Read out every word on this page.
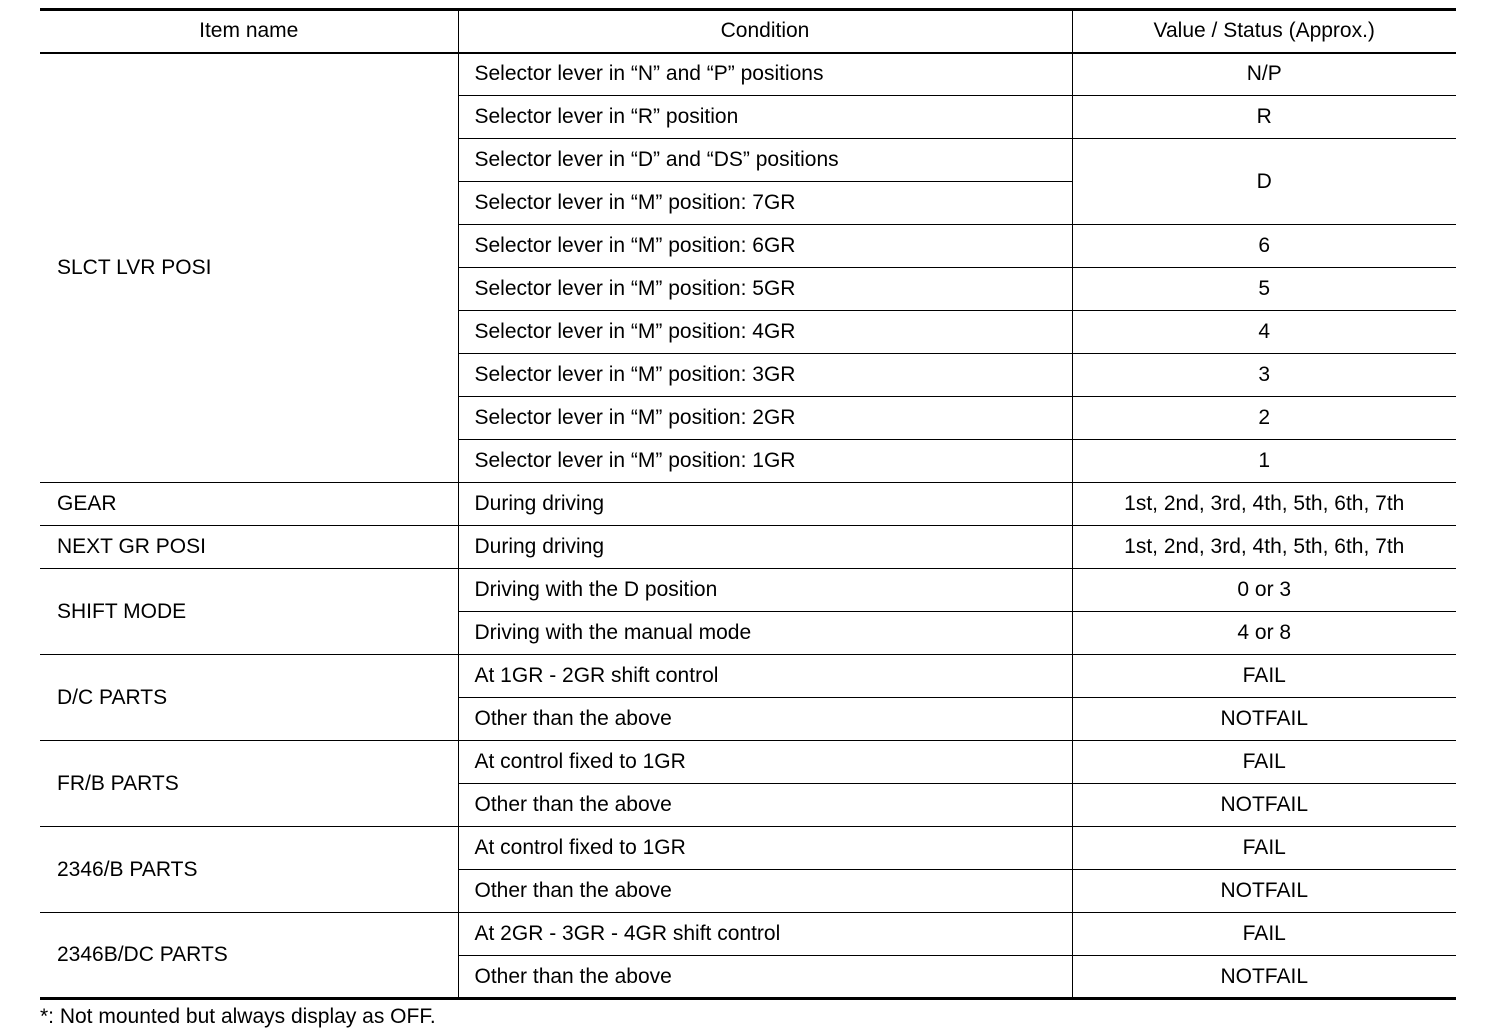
Item name	Condition	Value / Status (Approx.)
SLCT LVR POSI	Selector lever in “N” and “P” positions	N/P
	Selector lever in “R” position	R
	Selector lever in “D” and “DS” positions	D
	Selector lever in “M” position: 7GR	
	Selector lever in “M” position: 6GR	6
	Selector lever in “M” position: 5GR	5
	Selector lever in “M” position: 4GR	4
	Selector lever in “M” position: 3GR	3
	Selector lever in “M” position: 2GR	2
	Selector lever in “M” position: 1GR	1
GEAR	During driving	1st, 2nd, 3rd, 4th, 5th, 6th, 7th
NEXT GR POSI	During driving	1st, 2nd, 3rd, 4th, 5th, 6th, 7th
SHIFT MODE	Driving with the D position	0 or 3
	Driving with the manual mode	4 or 8
D/C PARTS	At 1GR - 2GR shift control	FAIL
	Other than the above	NOTFAIL
FR/B PARTS	At control fixed to 1GR	FAIL
	Other than the above	NOTFAIL
2346/B PARTS	At control fixed to 1GR	FAIL
	Other than the above	NOTFAIL
2346B/DC PARTS	At 2GR - 3GR - 4GR shift control	FAIL
	Other than the above	NOTFAIL
*: Not mounted but always display as OFF.
